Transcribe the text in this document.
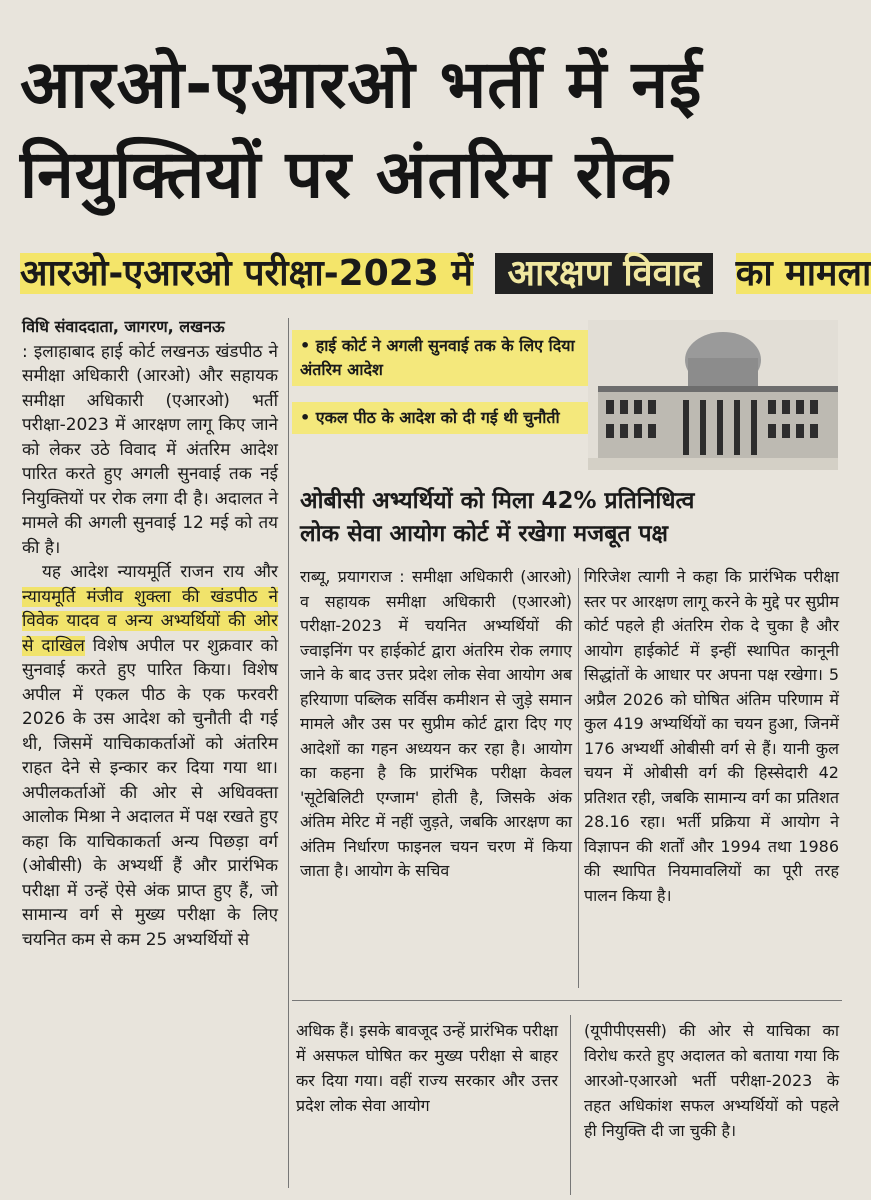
आरओ-एआरओ भर्ती में नई
नियुक्तियों पर अंतरिम रोक
आरओ-एआरओ परीक्षा-2023 में आरक्षण विवाद का मामला

विधि संवाददाता, जागरण, लखनऊ

: इलाहाबाद हाई कोर्ट लखनऊ खंडपीठ ने समीक्षा अधिकारी (आरओ) और सहायक समीक्षा अधिकारी (एआरओ) भर्ती परीक्षा-2023 में आरक्षण लागू किए जाने को लेकर उठे विवाद में अंतरिम आदेश पारित करते हुए अगली सुनवाई तक नई नियुक्तियों पर रोक लगा दी है। अदालत ने मामले की अगली सुनवाई 12 मई को तय की है।

यह आदेश न्यायमूर्ति राजन राय और न्यायमूर्ति मंजीव शुक्ला की खंडपीठ ने विवेक यादव व अन्य अभ्यर्थियों की ओर से दाखिल विशेष अपील पर शुक्रवार को सुनवाई करते हुए पारित किया। विशेष अपील में एकल पीठ के एक फरवरी 2026 के उस आदेश को चुनौती दी गई थी, जिसमें याचिकाकर्ताओं को अंतरिम राहत देने से इन्कार कर दिया गया था। अपीलकर्ताओं की ओर से अधिवक्ता आलोक मिश्रा ने अदालत में पक्ष रखते हुए कहा कि याचिकाकर्ता अन्य पिछड़ा वर्ग (ओबीसी) के अभ्यर्थी हैं और प्रारंभिक परीक्षा में उन्हें ऐसे अंक प्राप्त हुए हैं, जो सामान्य वर्ग से मुख्य परीक्षा के लिए चयनित कम से कम 25 अभ्यर्थियों से

• हाई कोर्ट ने अगली सुनवाई तक के लिए दिया अंतरिम आदेश
• एकल पीठ के आदेश को दी गई थी चुनौती
ओबीसी अभ्यर्थियों को मिला 42% प्रतिनिधित्व
लोक सेवा आयोग कोर्ट में रखेगा मजबूत पक्ष

राब्यू, प्रयागराज : समीक्षा अधिकारी (आरओ) व सहायक समीक्षा अधिकारी (एआरओ) परीक्षा-2023 में चयनित अभ्यर्थियों की ज्वाइनिंग पर हाईकोर्ट द्वारा अंतरिम रोक लगाए जाने के बाद उत्तर प्रदेश लोक सेवा आयोग अब हरियाणा पब्लिक सर्विस कमीशन से जुड़े समान मामले और उस पर सुप्रीम कोर्ट द्वारा दिए गए आदेशों का गहन अध्ययन कर रहा है। आयोग का कहना है कि प्रारंभिक परीक्षा केवल 'सूटेबिलिटी एग्जाम' होती है, जिसके अंक अंतिम मेरिट में नहीं जुड़ते, जबकि आरक्षण का अंतिम निर्धारण फाइनल चयन चरण में किया जाता है। आयोग के सचिव

गिरिजेश त्यागी ने कहा कि प्रारंभिक परीक्षा स्तर पर आरक्षण लागू करने के मुद्दे पर सुप्रीम कोर्ट पहले ही अंतरिम रोक दे चुका है और आयोग हाईकोर्ट में इन्हीं स्थापित कानूनी सिद्धांतों के आधार पर अपना पक्ष रखेगा। 5 अप्रैल 2026 को घोषित अंतिम परिणाम में कुल 419 अभ्यर्थियों का चयन हुआ, जिनमें 176 अभ्यर्थी ओबीसी वर्ग से हैं। यानी कुल चयन में ओबीसी वर्ग की हिस्सेदारी 42 प्रतिशत रही, जबकि सामान्य वर्ग का प्रतिशत 28.16 रहा। भर्ती प्रक्रिया में आयोग ने विज्ञापन की शर्तों और 1994 तथा 1986 की स्थापित नियमावलियों का पूरी तरह पालन किया है।

अधिक हैं। इसके बावजूद उन्हें प्रारंभिक परीक्षा में असफल घोषित कर मुख्य परीक्षा से बाहर कर दिया गया। वहीं राज्य सरकार और उत्तर प्रदेश लोक सेवा आयोग

(यूपीपीएससी) की ओर से याचिका का विरोध करते हुए अदालत को बताया गया कि आरओ-एआरओ भर्ती परीक्षा-2023 के तहत अधिकांश सफल अभ्यर्थियों को पहले ही नियुक्ति दी जा चुकी है।
